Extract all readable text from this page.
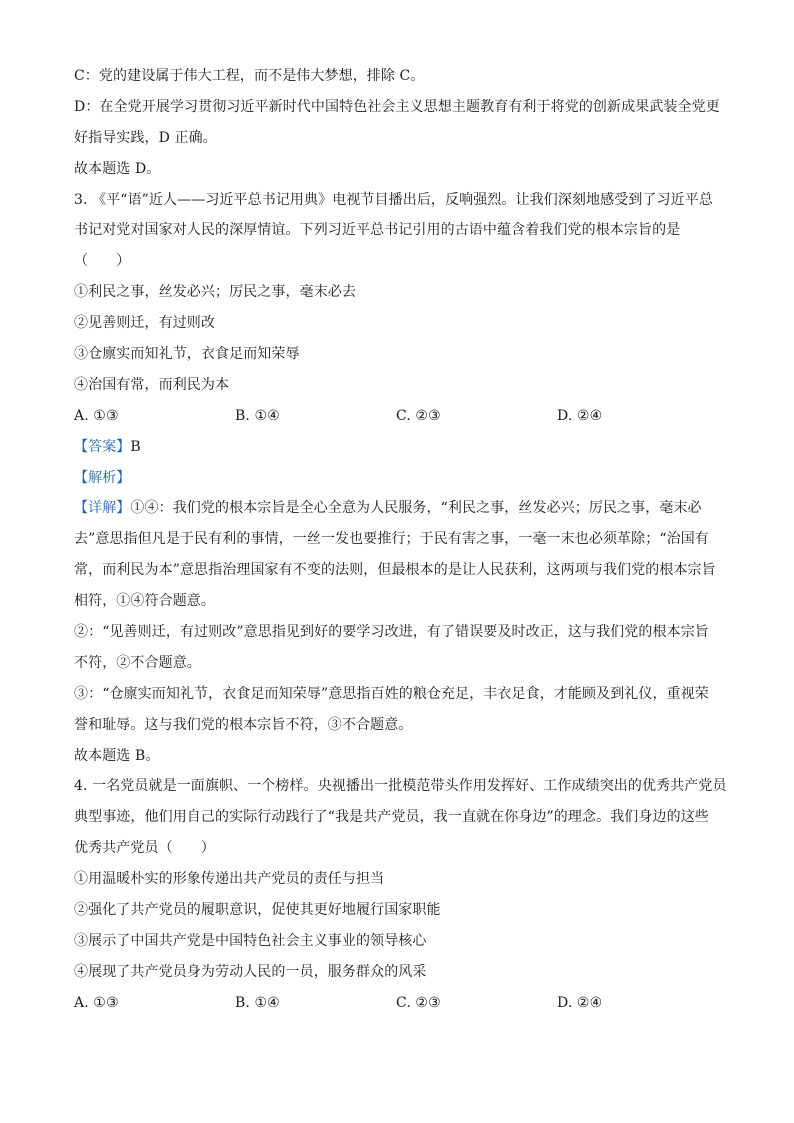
C：党的建设属于伟大工程，而不是伟大梦想，排除 C。
D：在全党开展学习贯彻习近平新时代中国特色社会主义思想主题教育有利于将党的创新成果武装全党更
好指导实践，D 正确。
故本题选 D。
3. 《平“语”近人——习近平总书记用典》电视节目播出后，反响强烈。让我们深刻地感受到了习近平总
书记对党对国家对人民的深厚情谊。下列习近平总书记引用的古语中蕴含着我们党的根本宗旨的是
（　　）
①利民之事，丝发必兴；厉民之事，毫末必去
②见善则迁，有过则改
③仓廪实而知礼节，衣食足而知荣辱
④治国有常，而利民为本
A. ①③	B. ①④	C. ②③	D. ②④
【答案】B
【解析】
【详解】①④：我们党的根本宗旨是全心全意为人民服务，“利民之事，丝发必兴；厉民之事，毫末必
去”意思指但凡是于民有利的事情，一丝一发也要推行；于民有害之事，一毫一末也必须革除；“治国有
常，而利民为本”意思指治理国家有不变的法则，但最根本的是让人民获利，这两项与我们党的根本宗旨
相符，①④符合题意。
②：“见善则迁，有过则改”意思指见到好的要学习改进，有了错误要及时改正，这与我们党的根本宗旨
不符，②不合题意。
③：“仓廪实而知礼节，衣食足而知荣辱”意思指百姓的粮仓充足，丰衣足食，才能顾及到礼仪，重视荣
誉和耻辱。这与我们党的根本宗旨不符，③不合题意。
故本题选 B。
4. 一名党员就是一面旗帜、一个榜样。央视播出一批模范带头作用发挥好、工作成绩突出的优秀共产党员
典型事迹，他们用自己的实际行动践行了“我是共产党员，我一直就在你身边”的理念。我们身边的这些
优秀共产党员（　　）
①用温暖朴实的形象传递出共产党员的责任与担当
②强化了共产党员的履职意识，促使其更好地履行国家职能
③展示了中国共产党是中国特色社会主义事业的领导核心
④展现了共产党员身为劳动人民的一员，服务群众的风采
A. ①③	B. ①④	C. ②③	D. ②④
